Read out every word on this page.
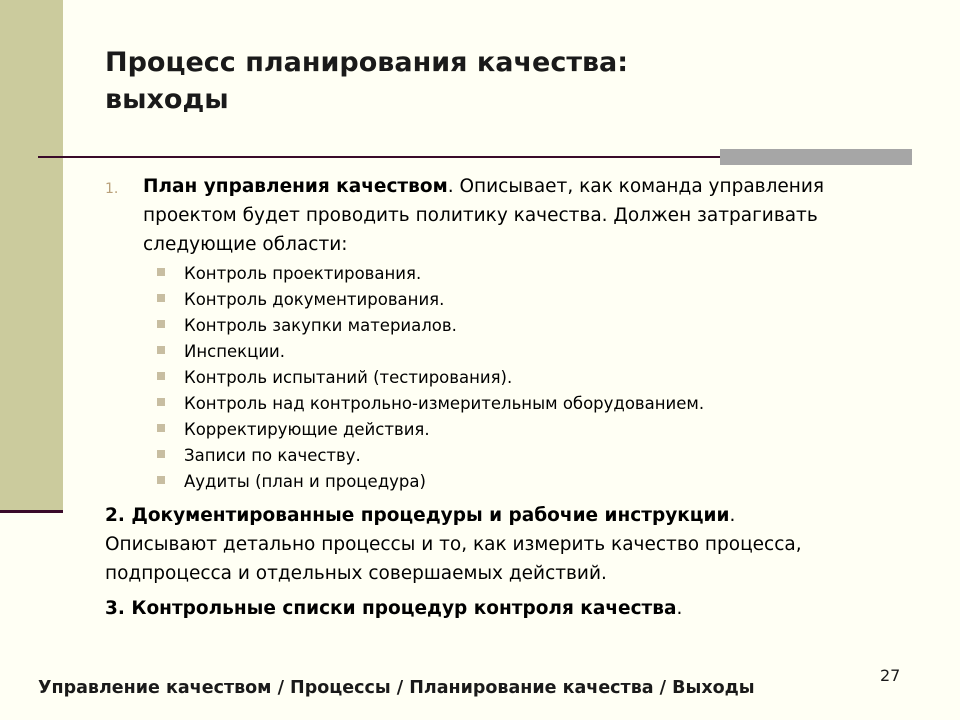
Процесс планирования качества:
выходы
1. План управления качеством. Описывает, как команда управления проектом будет проводить политику качества. Должен затрагивать следующие области:
Контроль проектирования.
Контроль документирования.
Контроль закупки материалов.
Инспекции.
Контроль испытаний (тестирования).
Контроль над контрольно-измерительным оборудованием.
Корректирующие действия.
Записи по качеству.
Аудиты (план и процедура)
2. Документированные процедуры и рабочие инструкции.
Описывают детально процессы и то, как измерить качество процесса, подпроцесса и отдельных совершаемых действий.
3. Контрольные списки процедур контроля качества.
27
Управление качеством / Процессы / Планирование качества / Выходы
